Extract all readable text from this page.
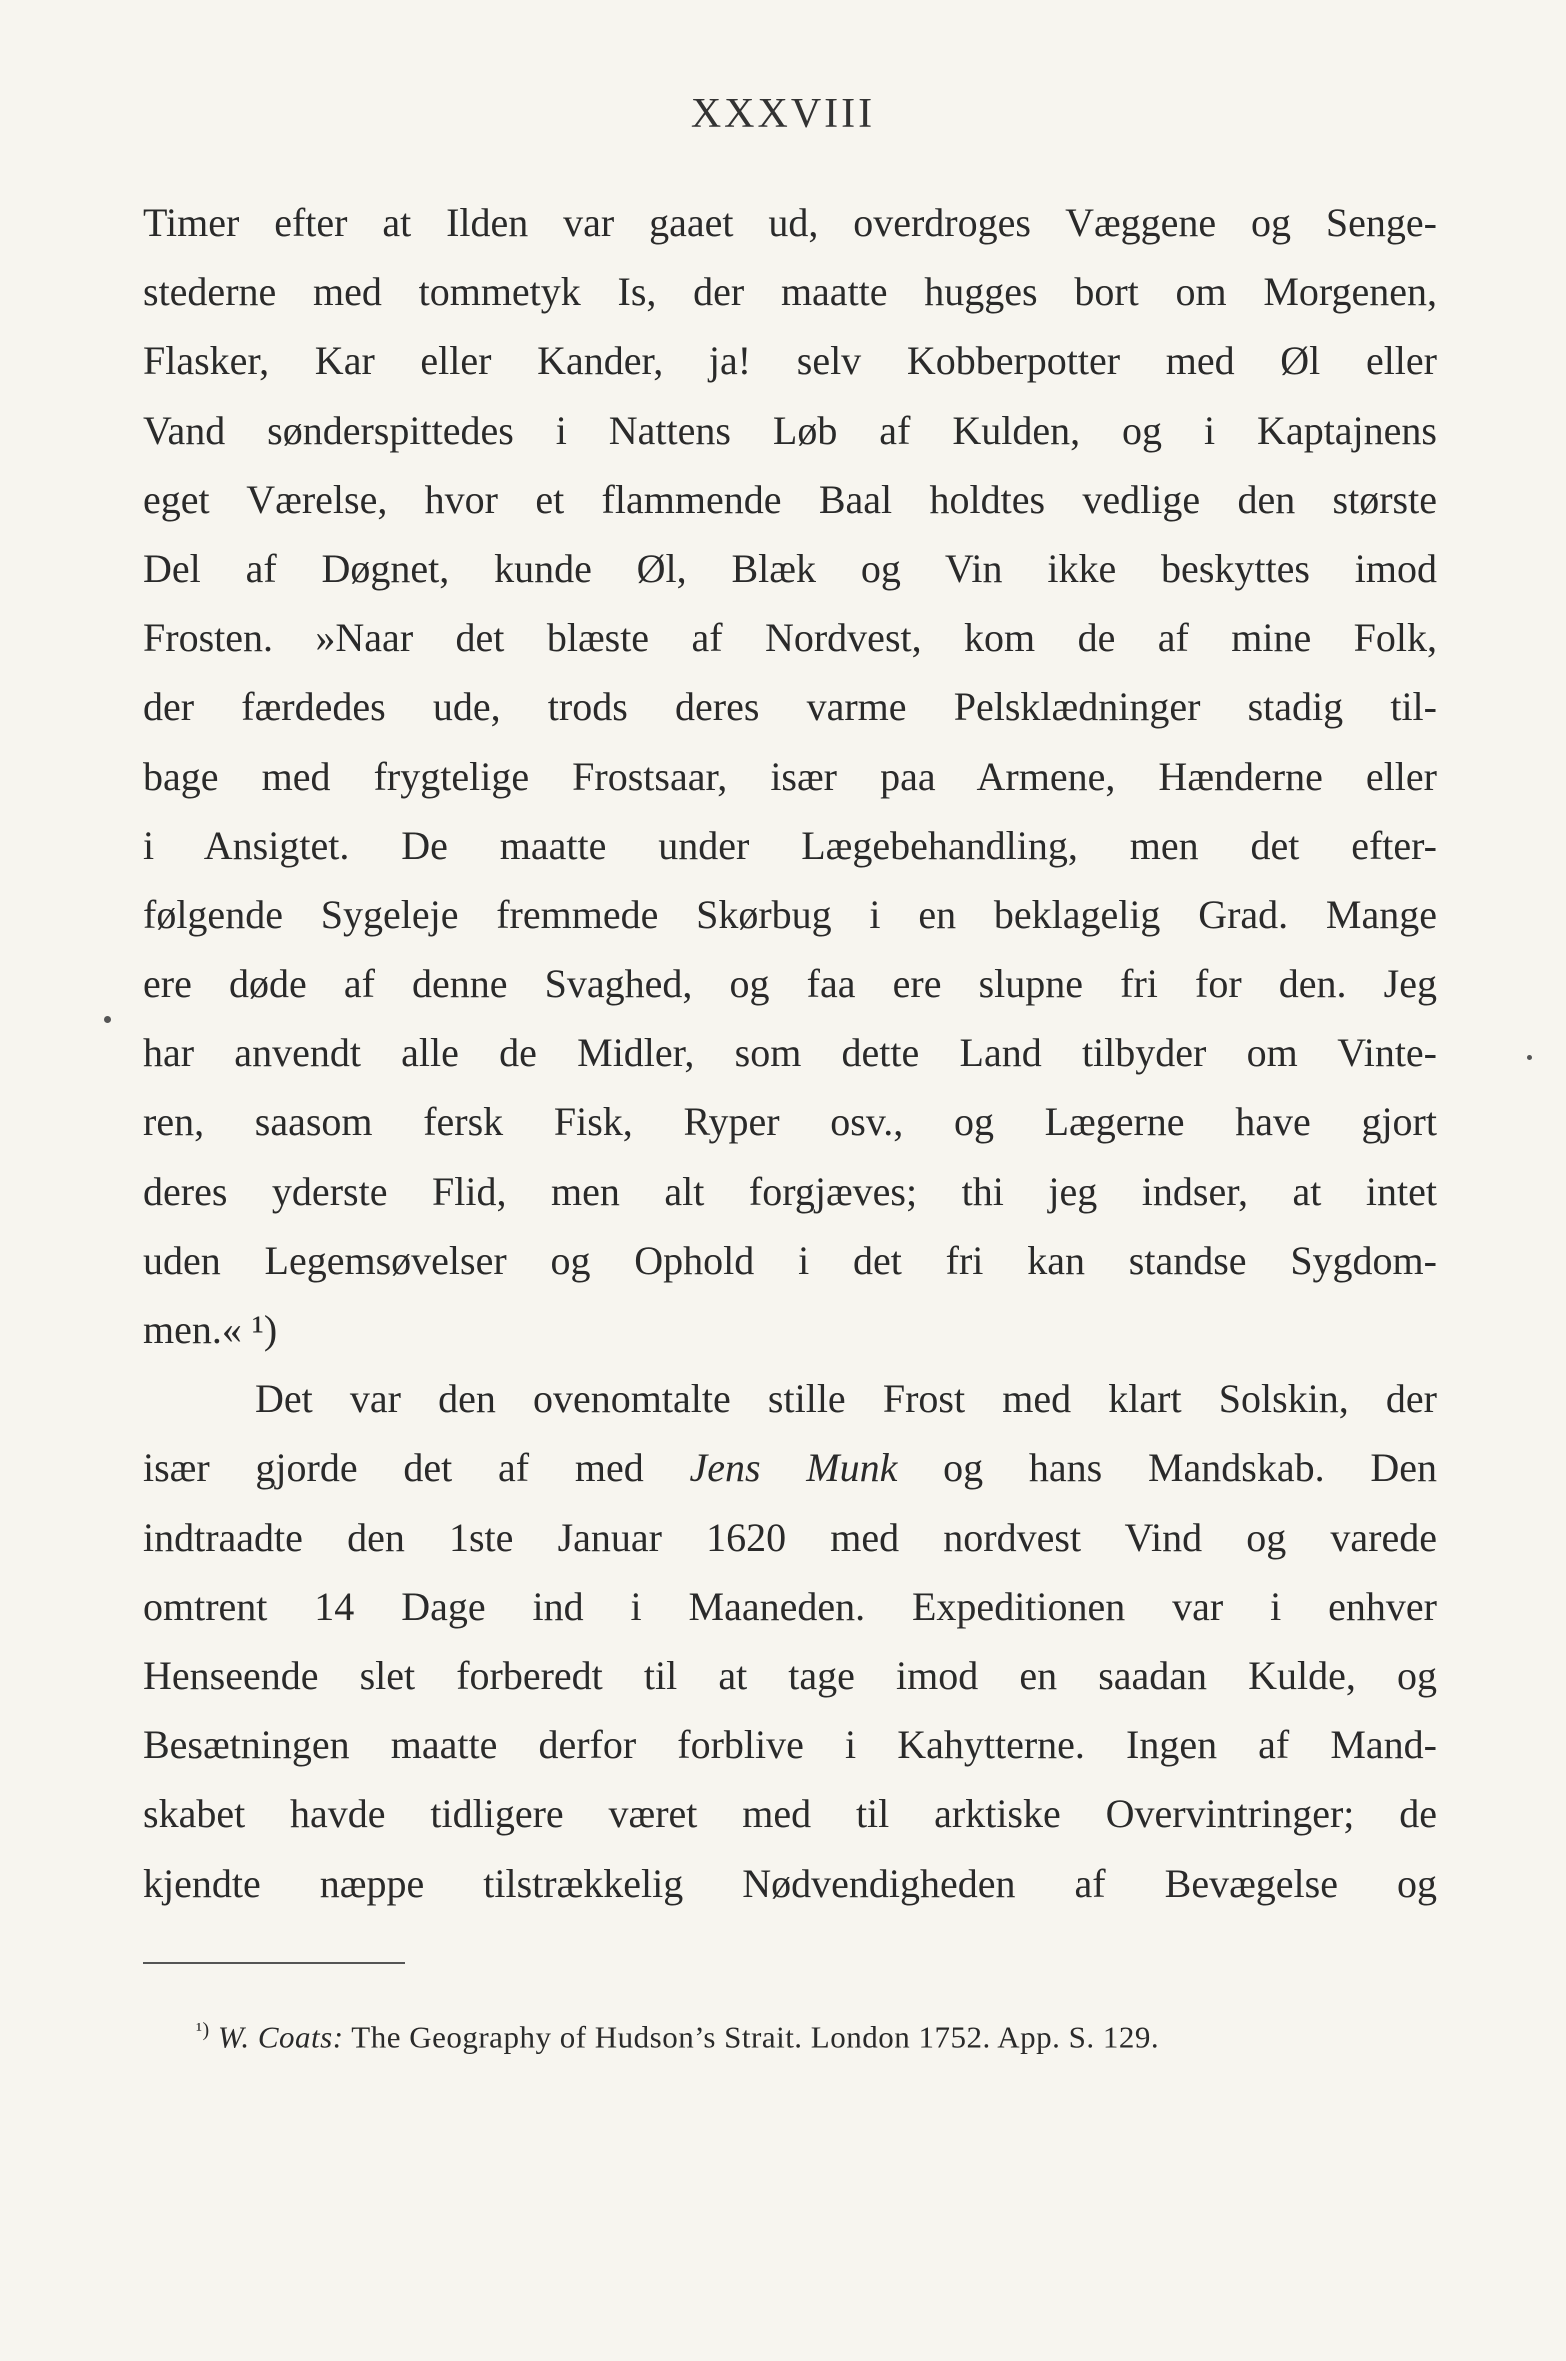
XXXVIII
Timer efter at Ilden var gaaet ud, overdroges Væggene og Senge-
stederne med tommetyk Is, der maatte hugges bort om Morgenen,
Flasker, Kar eller Kander, ja! selv Kobberpotter med Øl eller
Vand sønderspittedes i Nattens Løb af Kulden, og i Kaptajnens
eget Værelse, hvor et flammende Baal holdtes vedlige den største
Del af Døgnet, kunde Øl, Blæk og Vin ikke beskyttes imod
Frosten. »Naar det blæste af Nordvest, kom de af mine Folk,
der færdedes ude, trods deres varme Pelsklædninger stadig til-
bage med frygtelige Frostsaar, især paa Armene, Hænderne eller
i Ansigtet. De maatte under Lægebehandling, men det efter-
følgende Sygeleje fremmede Skørbug i en beklagelig Grad. Mange
ere døde af denne Svaghed, og faa ere slupne fri for den. Jeg
har anvendt alle de Midler, som dette Land tilbyder om Vinte-
ren, saasom fersk Fisk, Ryper osv., og Lægerne have gjort
deres yderste Flid, men alt forgjæves; thi jeg indser, at intet
uden Legemsøvelser og Ophold i det fri kan standse Sygdom-
men.« ¹)
Det var den ovenomtalte stille Frost med klart Solskin, der
især gjorde det af med Jens Munk og hans Mandskab. Den
indtraadte den 1ste Januar 1620 med nordvest Vind og varede
omtrent 14 Dage ind i Maaneden. Expeditionen var i enhver
Henseende slet forberedt til at tage imod en saadan Kulde, og
Besætningen maatte derfor forblive i Kahytterne. Ingen af Mand-
skabet havde tidligere været med til arktiske Overvintringer; de
kjendte næppe tilstrækkelig Nødvendigheden af Bevægelse og
$^{^1)}$ W. Coats: The Geography of Hudson’s Strait. London 1752. App. S. 129.
